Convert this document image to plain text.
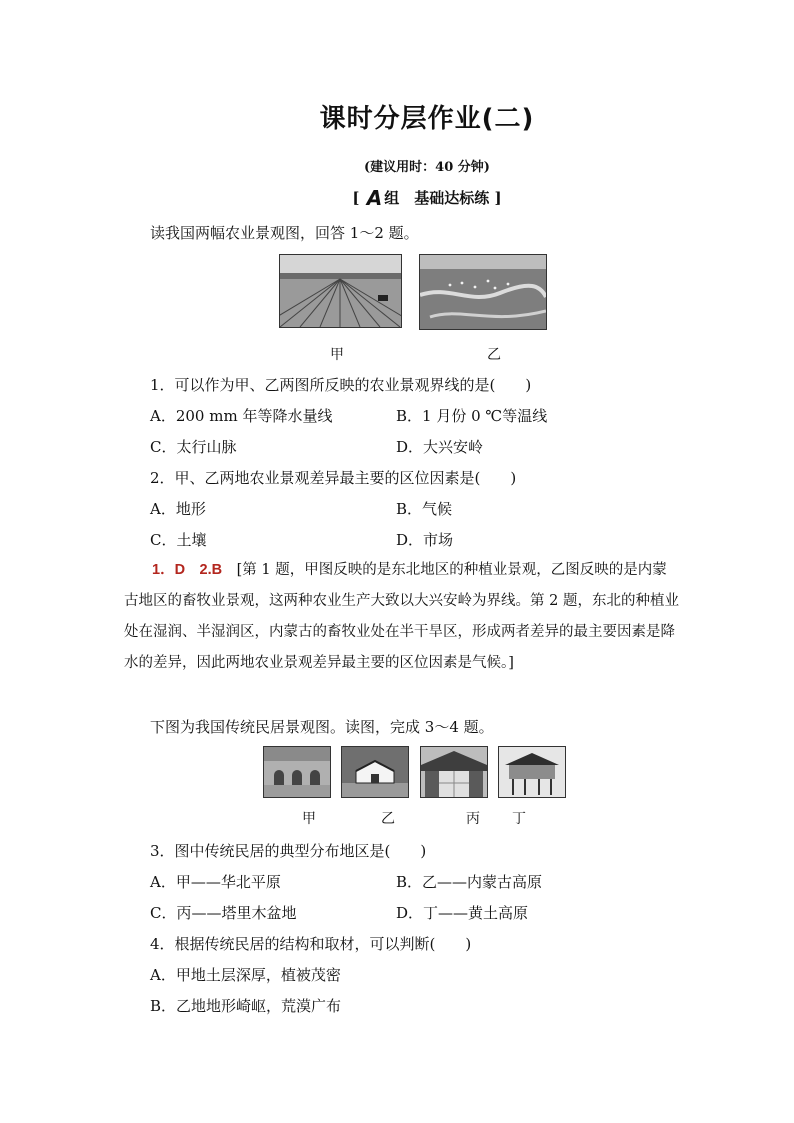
课时分层作业(二)
(建议用时：40 分钟)
[ A 组　基础达标练 ]
读我国两幅农业景观图，回答 1～2 题。
甲	乙
1．可以作为甲、乙两图所反映的农业景观界线的是(　　)
A．200 mm 年等降水量线	B．1 月份 0 ℃等温线
C．太行山脉	D．大兴安岭
2．甲、乙两地农业景观差异最主要的区位因素是(　　)
A．地形	B．气候
C．土壤	D．市场
1．D　2.B　[第 1 题，甲图反映的是东北地区的种植业景观，乙图反映的是内蒙古地区的畜牧业景观，这两种农业生产大致以大兴安岭为界线。第 2 题，东北的种植业处在湿润、半湿润区，内蒙古的畜牧业处在半干旱区，形成两者差异的最主要因素是降水的差异，因此两地农业景观差异最主要的区位因素是气候。]
下图为我国传统民居景观图。读图，完成 3～4 题。
甲	乙	丙 丁
3．图中传统民居的典型分布地区是(　　)
A．甲——华北平原	B．乙——内蒙古高原
C．丙——塔里木盆地	D．丁——黄土高原
4．根据传统民居的结构和取材，可以判断(　　)
A．甲地土层深厚，植被茂密
B．乙地地形崎岖，荒漠广布
